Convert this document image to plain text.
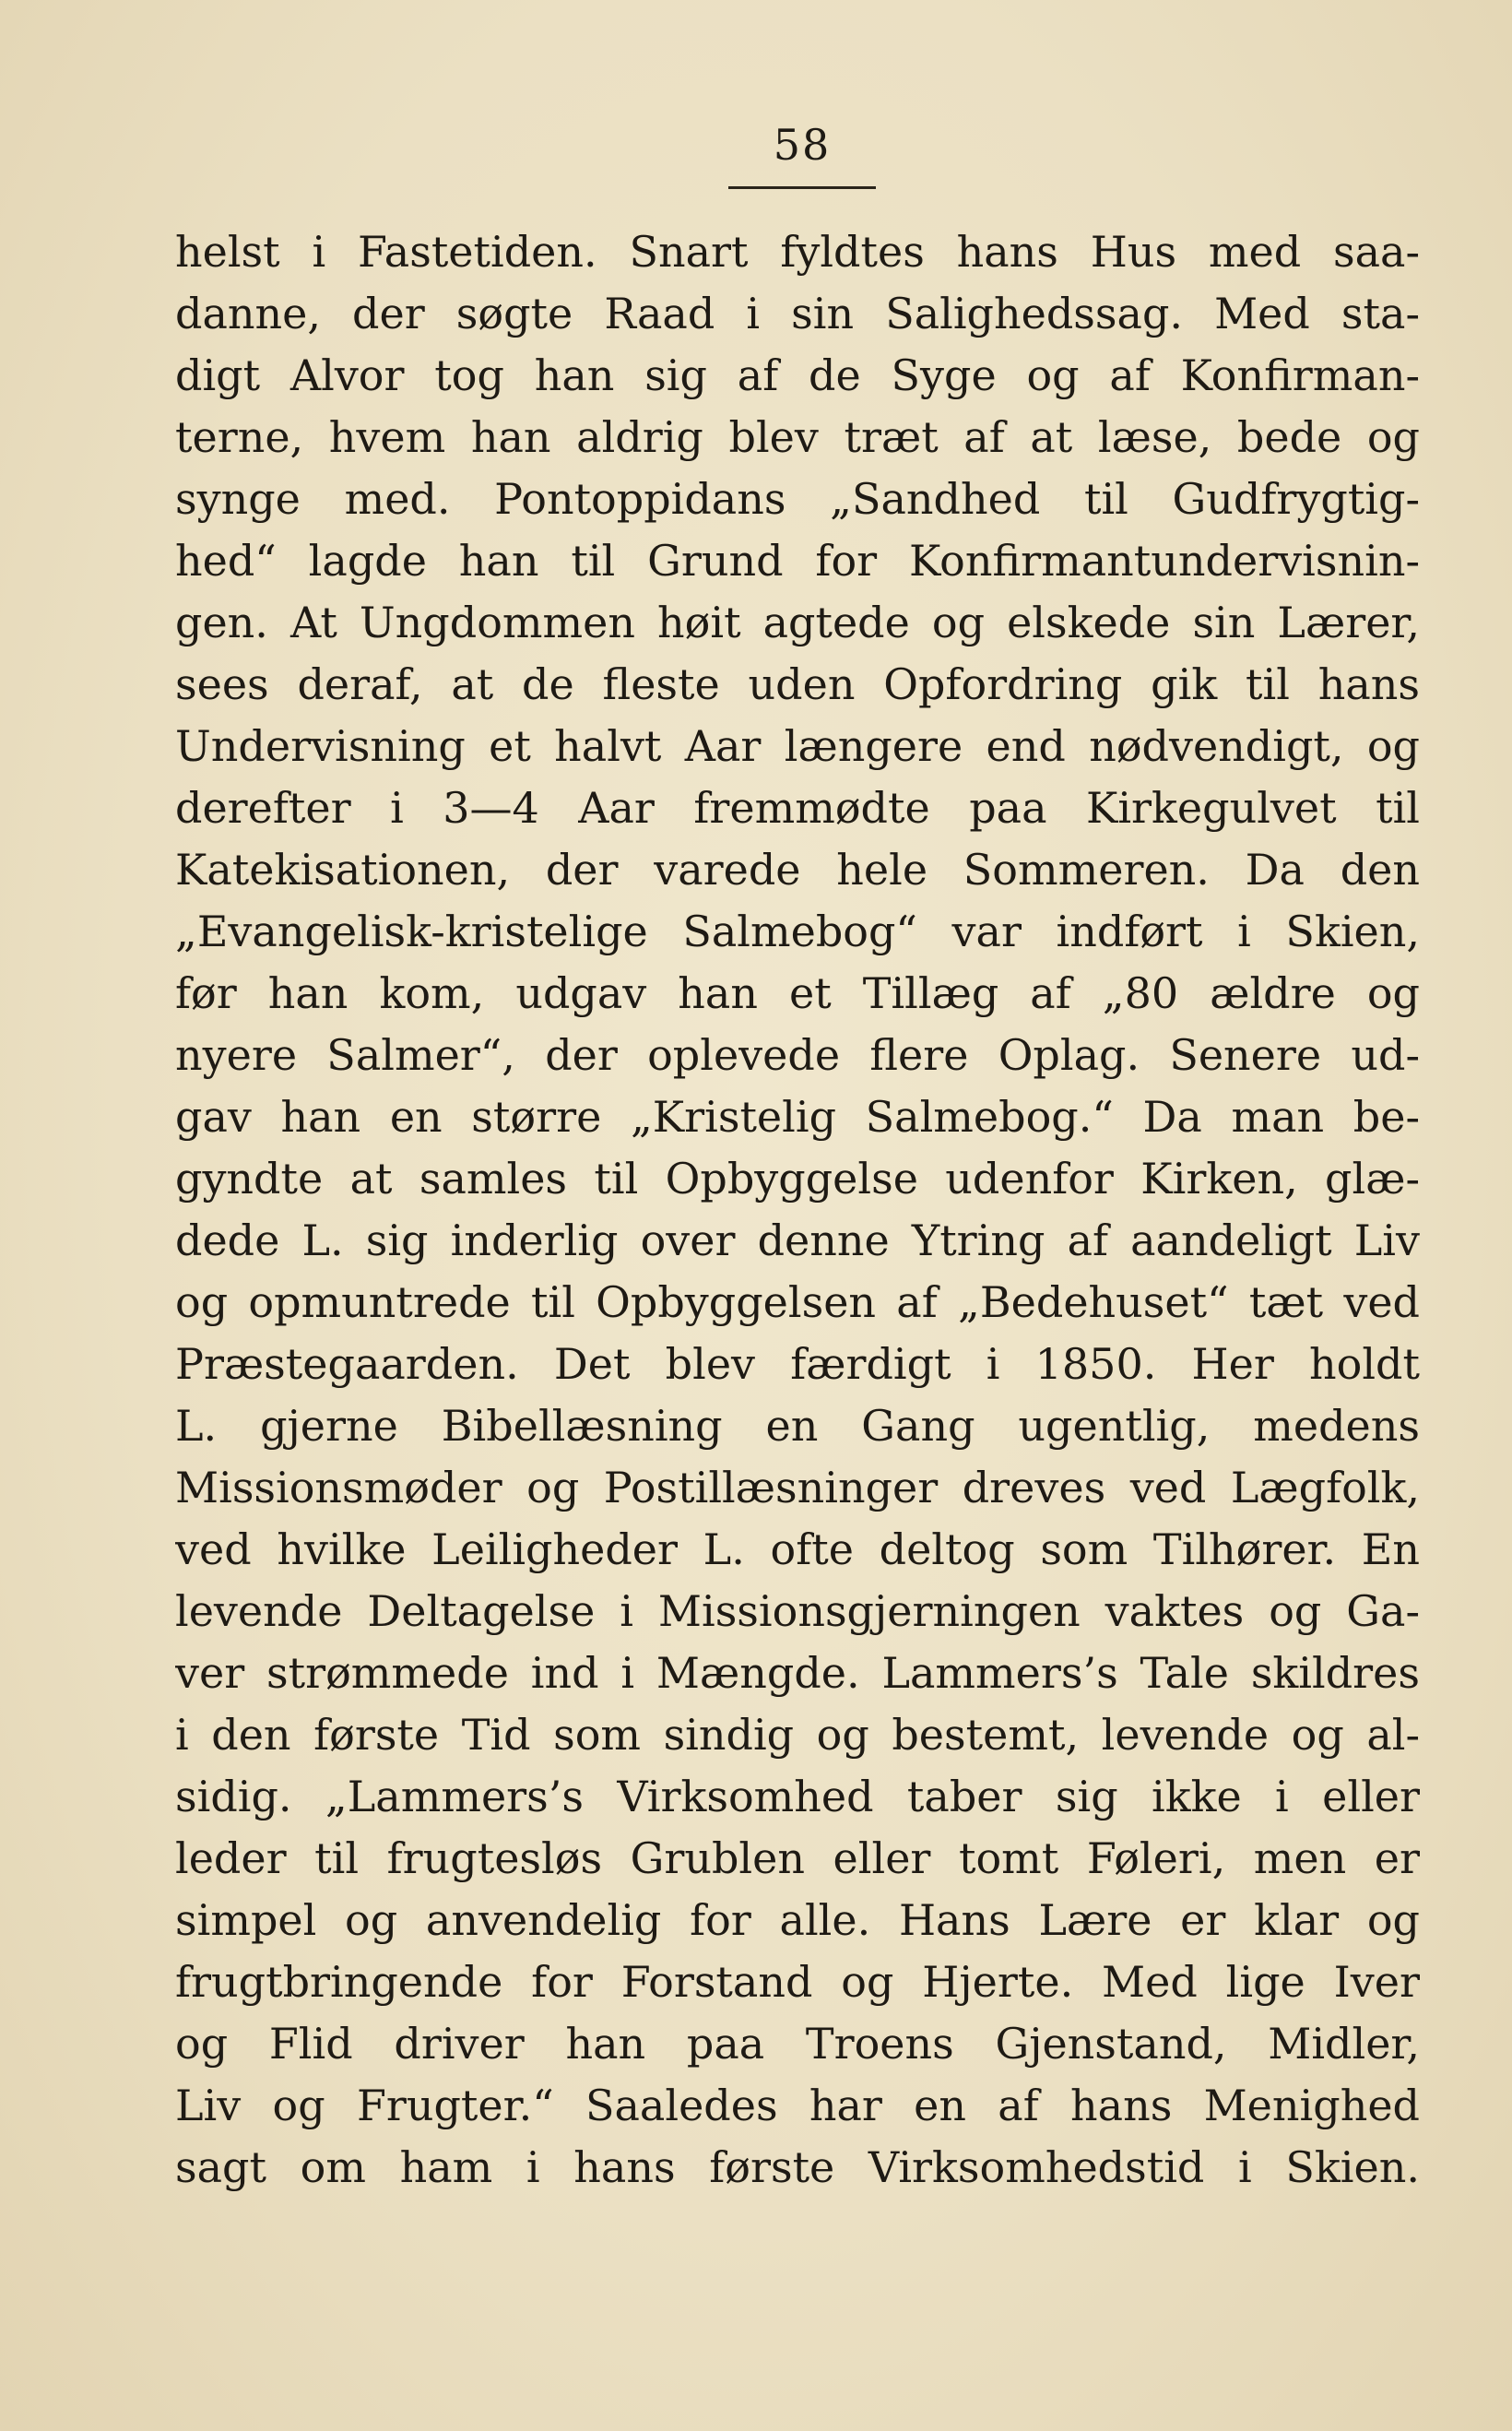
58
helst i Fastetiden. Snart fyldtes hans Hus med saa-
danne, der søgte Raad i sin Salighedssag. Med sta-
digt Alvor tog han sig af de Syge og af Konfirman-
terne, hvem han aldrig blev træt af at læse, bede og
synge med. Pontoppidans „Sandhed til Gudfrygtig-
hed“ lagde han til Grund for Konfirmantundervisnin-
gen. At Ungdommen høit agtede og elskede sin Lærer,
sees deraf, at de fleste uden Opfordring gik til hans
Undervisning et halvt Aar længere end nødvendigt, og
derefter i 3—4 Aar fremmødte paa Kirkegulvet til
Katekisationen, der varede hele Sommeren. Da den
„Evangelisk-kristelige Salmebog“ var indført i Skien,
før han kom, udgav han et Tillæg af „80 ældre og
nyere Salmer“, der oplevede flere Oplag. Senere ud-
gav han en større „Kristelig Salmebog.“ Da man be-
gyndte at samles til Opbyggelse udenfor Kirken, glæ-
dede L. sig inderlig over denne Ytring af aandeligt Liv
og opmuntrede til Opbyggelsen af „Bedehuset“ tæt ved
Præstegaarden. Det blev færdigt i 1850. Her holdt
L. gjerne Bibellæsning en Gang ugentlig, medens
Missionsmøder og Postillæsninger dreves ved Lægfolk,
ved hvilke Leiligheder L. ofte deltog som Tilhører. En
levende Deltagelse i Missionsgjerningen vaktes og Ga-
ver strømmede ind i Mængde. Lammers’s Tale skildres
i den første Tid som sindig og bestemt, levende og al-
sidig. „Lammers’s Virksomhed taber sig ikke i eller
leder til frugtesløs Grublen eller tomt Føleri, men er
simpel og anvendelig for alle. Hans Lære er klar og
frugtbringende for Forstand og Hjerte. Med lige Iver
og Flid driver han paa Troens Gjenstand, Midler,
Liv og Frugter.“ Saaledes har en af hans Menighed
sagt om ham i hans første Virksomhedstid i Skien.
